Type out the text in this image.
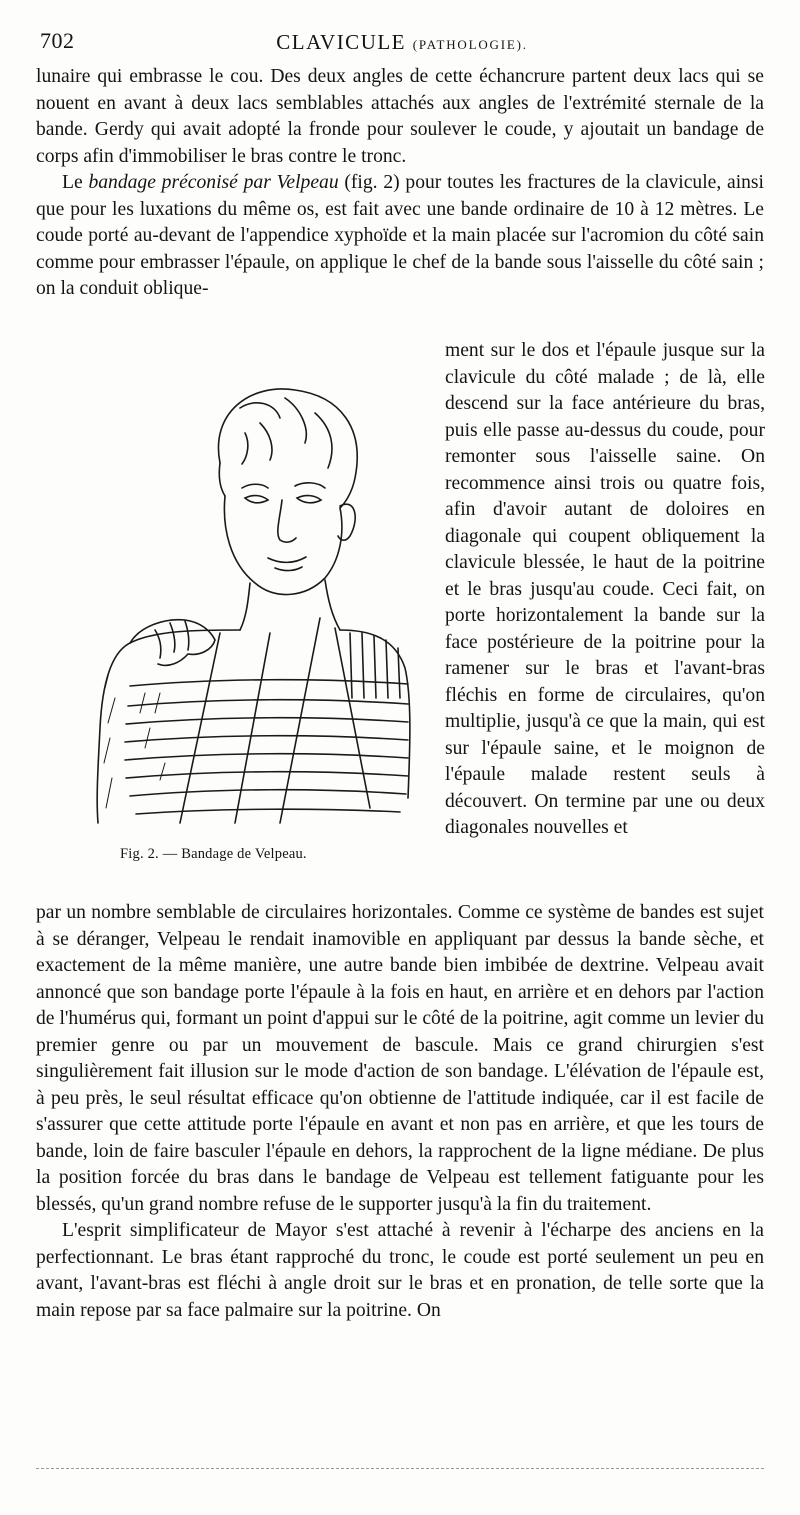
702	CLAVICULE (PATHOLOGIE).

lunaire qui embrasse le cou. Des deux angles de cette échancrure partent deux lacs qui se nouent en avant à deux lacs semblables attachés aux angles de l'extrémité sternale de la bande. Gerdy qui avait adopté la fronde pour soulever le coude, y ajoutait un bandage de corps afin d'immobiliser le bras contre le tronc.

Le bandage préconisé par Velpeau (fig. 2) pour toutes les fractures de la clavicule, ainsi que pour les luxations du même os, est fait avec une bande ordinaire de 10 à 12 mètres. Le coude porté au-devant de l'appendice xyphoïde et la main placée sur l'acromion du côté sain comme pour embrasser l'épaule, on applique le chef de la bande sous l'aisselle du côté sain ; on la conduit oblique-

Fig. 2. — Bandage de Velpeau.

ment sur le dos et l'épaule jusque sur la clavicule du côté malade ; de là, elle descend sur la face antérieure du bras, puis elle passe au-dessus du coude, pour remonter sous l'aisselle saine. On recommence ainsi trois ou quatre fois, afin d'avoir autant de doloires en diagonale qui coupent obliquement la clavicule blessée, le haut de la poitrine et le bras jusqu'au coude. Ceci fait, on porte horizontalement la bande sur la face postérieure de la poitrine pour la ramener sur le bras et l'avant-bras fléchis en forme de circulaires, qu'on multiplie, jusqu'à ce que la main, qui est sur l'épaule saine, et le moignon de l'épaule malade restent seuls à découvert. On termine par une ou deux diagonales nouvelles et

par un nombre semblable de circulaires horizontales. Comme ce système de bandes est sujet à se déranger, Velpeau le rendait inamovible en appliquant par dessus la bande sèche, et exactement de la même manière, une autre bande bien imbibée de dextrine. Velpeau avait annoncé que son bandage porte l'épaule à la fois en haut, en arrière et en dehors par l'action de l'humérus qui, formant un point d'appui sur le côté de la poitrine, agit comme un levier du premier genre ou par un mouvement de bascule. Mais ce grand chirurgien s'est singulièrement fait illusion sur le mode d'action de son bandage. L'élévation de l'épaule est, à peu près, le seul résultat efficace qu'on obtienne de l'attitude indiquée, car il est facile de s'assurer que cette attitude porte l'épaule en avant et non pas en arrière, et que les tours de bande, loin de faire basculer l'épaule en dehors, la rapprochent de la ligne médiane. De plus la position forcée du bras dans le bandage de Velpeau est tellement fatiguante pour les blessés, qu'un grand nombre refuse de le supporter jusqu'à la fin du traitement.

L'esprit simplificateur de Mayor s'est attaché à revenir à l'écharpe des anciens en la perfectionnant. Le bras étant rapproché du tronc, le coude est porté seulement un peu en avant, l'avant-bras est fléchi à angle droit sur le bras et en pronation, de telle sorte que la main repose par sa face palmaire sur la poitrine. On
